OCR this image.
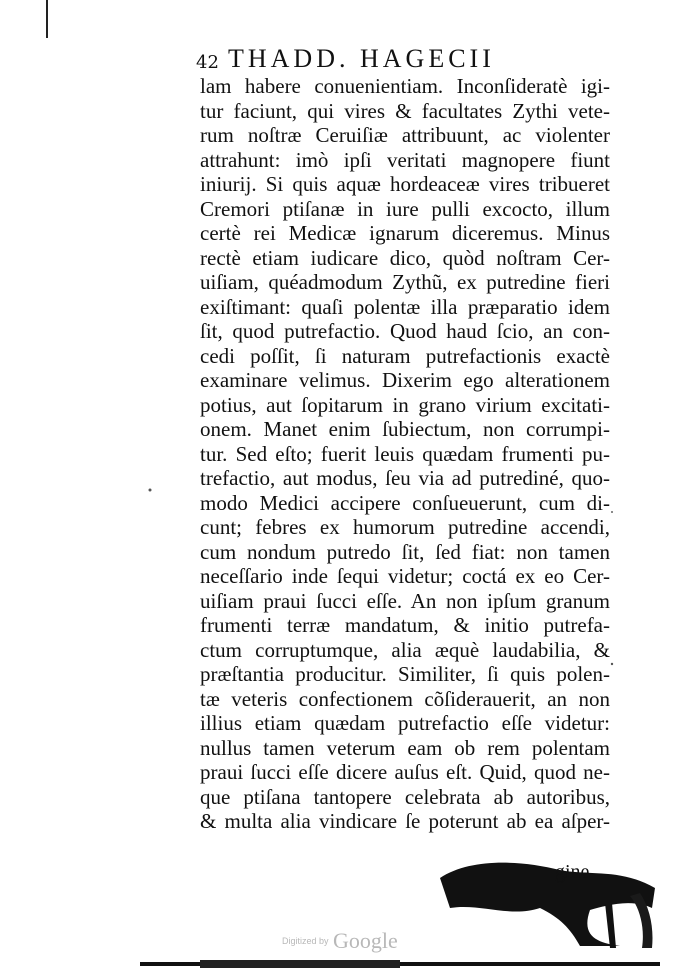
42 THADD. HAGECII
lam habere conuenientiam. Inconſideratè igi-
tur faciunt, qui vires & facultates Zythi vete-
rum noſtræ Ceruiſiæ attribuunt, ac violenter
attrahunt: imò ipſi veritati magnopere fiunt
iniurij. Si quis aquæ hordeaceæ vires tribueret
Cremori ptiſanæ in iure pulli excocto, illum
certè rei Medicæ ignarum diceremus. Minus
rectè etiam iudicare dico, quòd noſtram Cer-
uiſiam, quéadmodum Zythũ, ex putredine fieri
exiſtimant: quaſi polentæ illa præparatio idem
ſit, quod putrefactio. Quod haud ſcio, an con-
cedi poſſit, ſi naturam putrefactionis exactè
examinare velimus. Dixerim ego alterationem
potius, aut ſopitarum in grano virium excitati-
onem. Manet enim ſubiectum, non corrumpi-
tur. Sed eſto; fuerit leuis quædam frumenti pu-
trefactio, aut modus, ſeu via ad putrediné, quo-
modo Medici accipere conſueuerunt, cum di-
cunt; febres ex humorum putredine accendi,
cum nondum putredo ſit, ſed fiat: non tamen
neceſſario inde ſequi videtur; coctá ex eo Cer-
uiſiam praui ſucci eſſe. An non ipſum granum
frumenti terræ mandatum, & initio putrefa-
ctum corruptumque, alia æquè laudabilia, &
præſtantia producitur. Similiter, ſi quis polen-
tæ veteris confectionem cõſiderauerit, an non
illius etiam quædam putrefactio eſſe videtur:
nullus tamen veterum eam ob rem polentam
praui ſucci eſſe dicere auſus eſt. Quid, quod ne-
que ptiſana tantopere celebrata ab autoribus,
& multa alia vindicare ſe poterunt ab ea aſper-
gine
Digitized by Google
